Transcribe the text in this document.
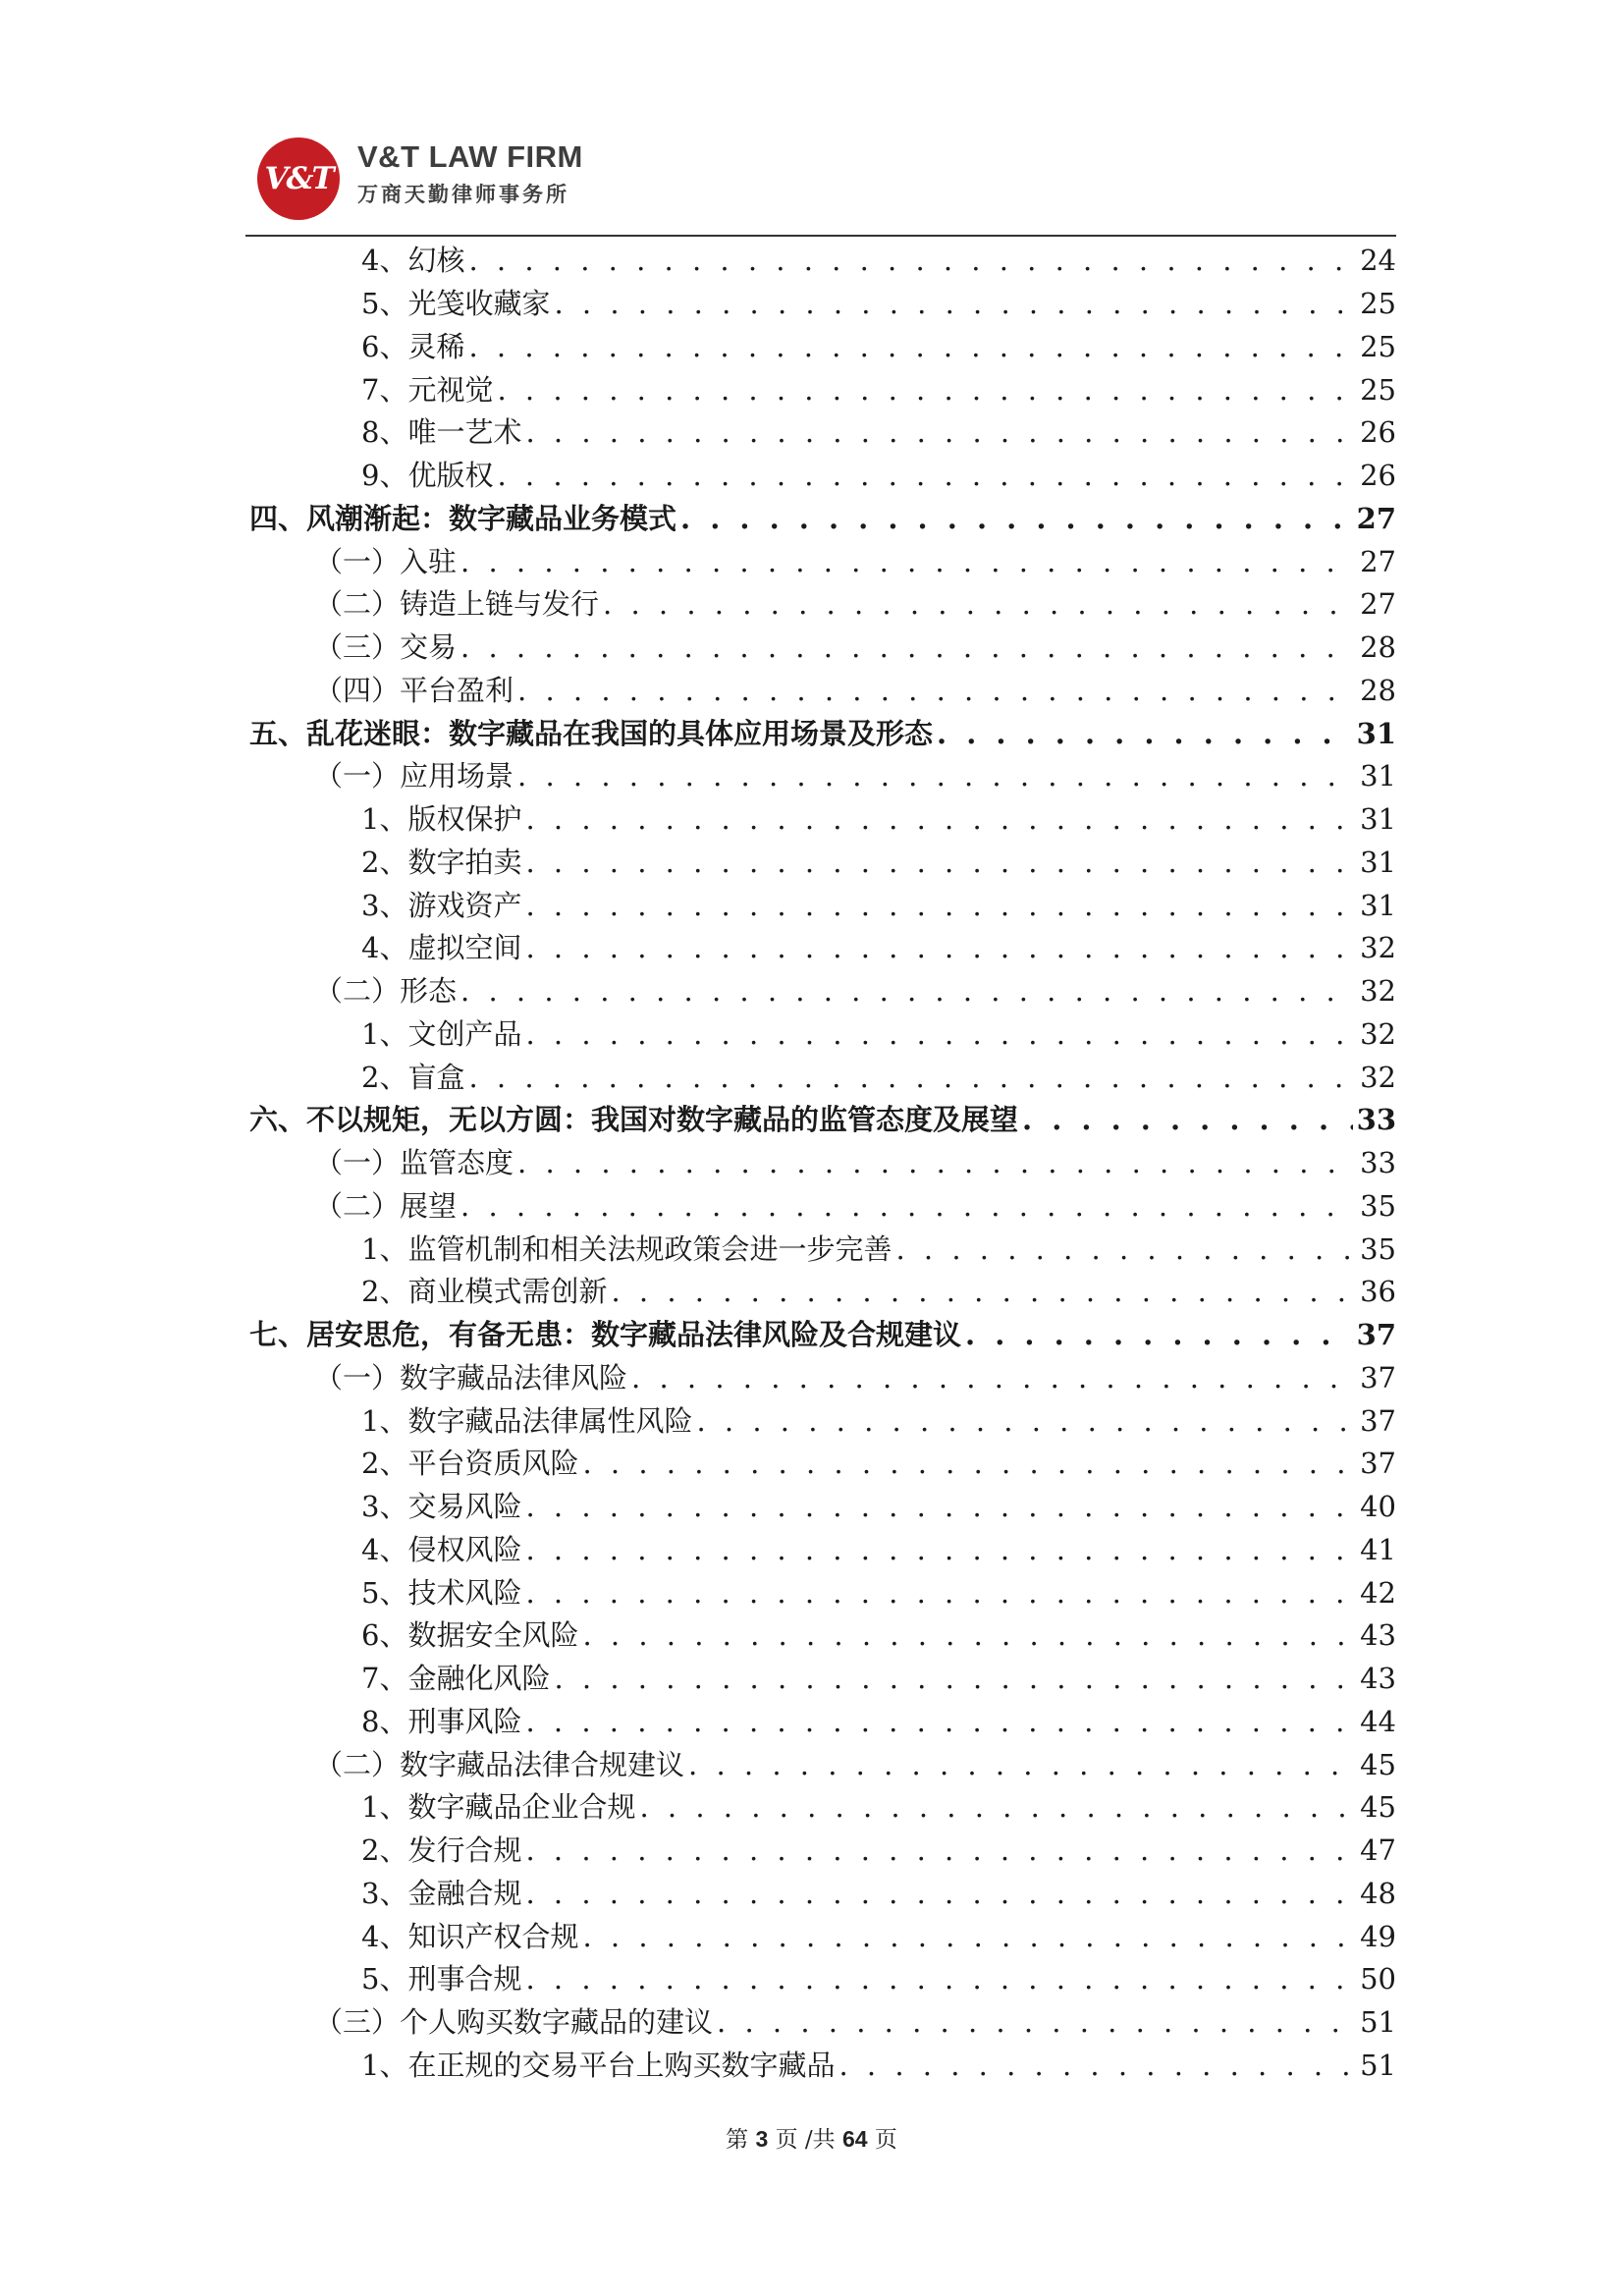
V&T
V&T LAW FIRM
万商天勤律师事务所
4、幻核 . . .	24
5、光笺收藏家 . . .	25
6、灵稀 . . .	25
7、元视觉 . . .	25
8、唯一艺术 . . .	26
9、优版权 . . .	26
四、风潮渐起：数字藏品业务模式 . . .	27
（一）入驻 . . .	27
（二）铸造上链与发行 . . .	27
（三）交易 . . .	28
（四）平台盈利 . . .	28
五、乱花迷眼：数字藏品在我国的具体应用场景及形态 . . .	31
（一）应用场景 . . .	31
1、版权保护 . . .	31
2、数字拍卖 . . .	31
3、游戏资产 . . .	31
4、虚拟空间 . . .	32
（二）形态 . . .	32
1、文创产品 . . .	32
2、盲盒 . . .	32
六、不以规矩，无以方圆：我国对数字藏品的监管态度及展望 . . .	33
（一）监管态度 . . .	33
（二）展望 . . .	35
1、监管机制和相关法规政策会进一步完善 . . .	35
2、商业模式需创新 . . .	36
七、居安思危，有备无患：数字藏品法律风险及合规建议 . . .	37
（一）数字藏品法律风险 . . .	37
1、数字藏品法律属性风险 . . .	37
2、平台资质风险 . . .	37
3、交易风险 . . .	40
4、侵权风险 . . .	41
5、技术风险 . . .	42
6、数据安全风险 . . .	43
7、金融化风险 . . .	43
8、刑事风险 . . .	44
（二）数字藏品法律合规建议 . . .	45
1、数字藏品企业合规 . . .	45
2、发行合规 . . .	47
3、金融合规 . . .	48
4、知识产权合规 . . .	49
5、刑事合规 . . .	50
（三）个人购买数字藏品的建议 . . .	51
1、在正规的交易平台上购买数字藏品 . . .	51
第 3 页 /共 64 页
